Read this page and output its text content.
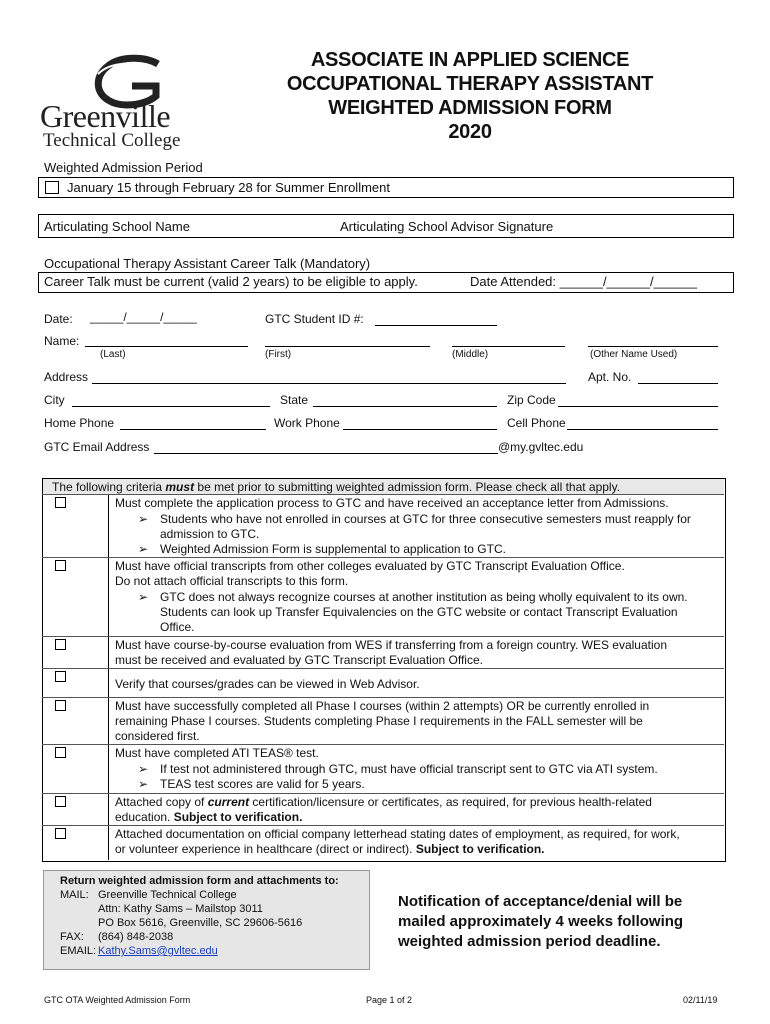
Greenville
Technical College
ASSOCIATE IN APPLIED SCIENCE
OCCUPATIONAL THERAPY ASSISTANT
WEIGHTED ADMISSION FORM
2020
Weighted Admission Period
January 15 through February 28 for Summer Enrollment
Articulating School Name	Articulating School Advisor Signature
Occupational Therapy Assistant Career Talk (Mandatory)
Career Talk must be current (valid 2 years) to be eligible to apply.	Date Attended: ______/______/______
Date: _____/_____/_____	GTC Student ID #:
Name:
(Last)	(First)	(Middle)	(Other Name Used)
Address	Apt. No.
City	State	Zip Code
Home Phone	Work Phone	Cell Phone
GTC Email Address	@my.gvltec.edu
The following criteria must be met prior to submitting weighted admission form. Please check all that apply.
Must complete the application process to GTC and have received an acceptance letter from Admissions.
➢ Students who have not enrolled in courses at GTC for three consecutive semesters must reapply for
admission to GTC.
➢ Weighted Admission Form is supplemental to application to GTC.
Must have official transcripts from other colleges evaluated by GTC Transcript Evaluation Office.
Do not attach official transcripts to this form.
➢ GTC does not always recognize courses at another institution as being wholly equivalent to its own.
Students can look up Transfer Equivalencies on the GTC website or contact Transcript Evaluation
Office.
Must have course-by-course evaluation from WES if transferring from a foreign country. WES evaluation
must be received and evaluated by GTC Transcript Evaluation Office.
Verify that courses/grades can be viewed in Web Advisor.
Must have successfully completed all Phase I courses (within 2 attempts) OR be currently enrolled in
remaining Phase I courses. Students completing Phase I requirements in the FALL semester will be
considered first.
Must have completed ATI TEAS® test.
➢ If test not administered through GTC, must have official transcript sent to GTC via ATI system.
➢ TEAS test scores are valid for 5 years.
Attached copy of current certification/licensure or certificates, as required, for previous health-related
education. Subject to verification.
Attached documentation on official company letterhead stating dates of employment, as required, for work,
or volunteer experience in healthcare (direct or indirect). Subject to verification.
Return weighted admission form and attachments to:
MAIL: Greenville Technical College
Attn: Kathy Sams – Mailstop 3011
PO Box 5616, Greenville, SC 29606-5616
FAX: (864) 848-2038
EMAIL: Kathy.Sams@gvltec.edu
Notification of acceptance/denial will be
mailed approximately 4 weeks following
weighted admission period deadline.
GTC OTA Weighted Admission Form	Page 1 of 2	02/11/19
